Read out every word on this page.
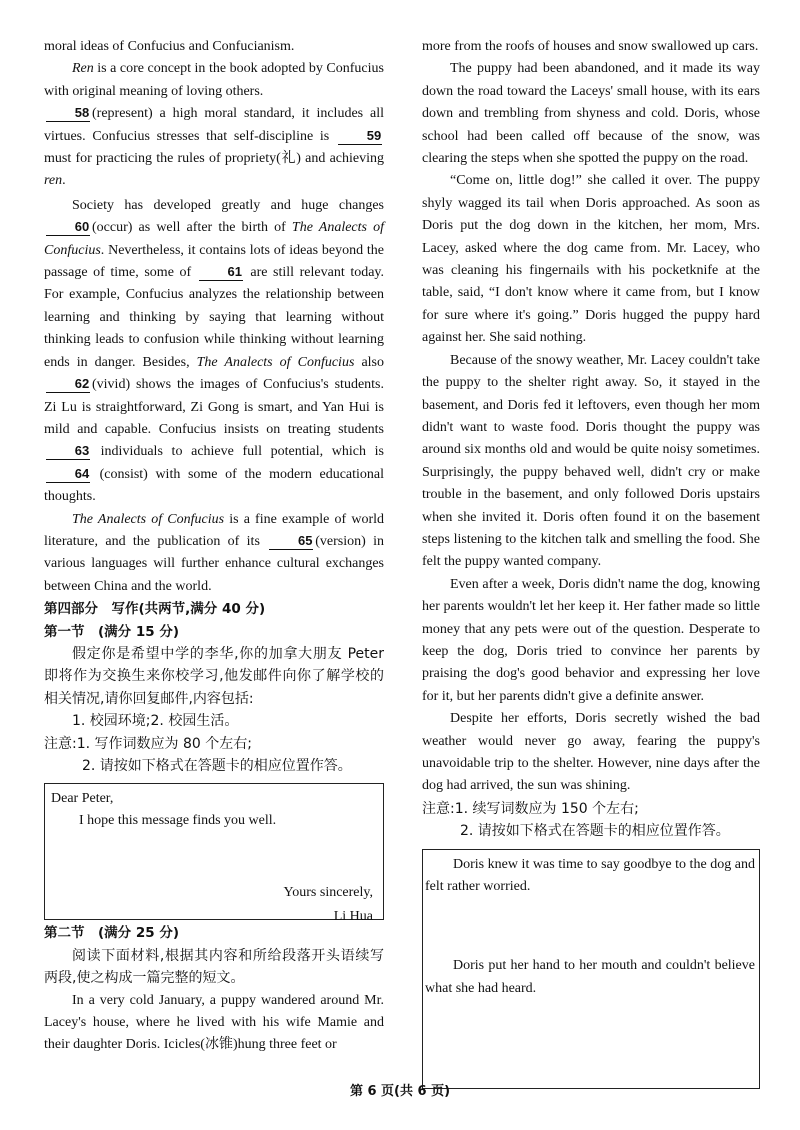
moral ideas of Confucius and Confucianism.

Ren is a core concept in the book adopted by Confucius with original meaning of loving others.
58 (represent) a high moral standard, it includes all virtues. Confucius stresses that self-discipline is	59 must for practicing the rules of propriety(礼) and achieving ren.

Society has developed greatly and huge changes 60 (occur) as well after the birth of The Analects of Confucius. Nevertheless, it contains lots of ideas beyond the passage of time, some of	61 are still relevant today. For example, Confucius analyzes the relationship between learning and thinking by saying that learning without thinking leads to confusion while thinking without learning ends in danger. Besides, The Analects of Confucius also 62 (vivid) shows the images of Confucius's students. Zi Lu is straightforward, Zi Gong is smart, and Yan Hui is mild and capable. Confucius insists on treating students 63 individuals to achieve full potential, which is 64 (consist) with some of the modern educational thoughts.

The Analects of Confucius is a fine example of world literature, and the publication of its	65 (version) in various languages will further enhance cultural exchanges between China and the world.

第四部分　写作(共两节,满分 40 分)
第一节　(满分 15 分)

假定你是希望中学的李华,你的加拿大朋友 Peter 即将作为交换生来你校学习,他发邮件向你了解学校的相关情况,请你回复邮件,内容包括:

1. 校园环境;2. 校园生活。

注意:1. 写作词数应为 80 个左右;

2. 请按如下格式在答题卡的相应位置作答。

Dear Peter,
I hope this message finds you well.
Yours sincerely,
Li Hua
第二节　(满分 25 分)

阅读下面材料,根据其内容和所给段落开头语续写两段,使之构成一篇完整的短文。

In a very cold January, a puppy wandered around Mr. Lacey's house, where he lived with his wife Mamie and their daughter Doris. Icicles(冰锥)hung three feet or

more from the roofs of houses and snow swallowed up cars.

The puppy had been abandoned, and it made its way down the road toward the Laceys' small house, with its ears down and trembling from shyness and cold. Doris, whose school had been called off because of the snow, was clearing the steps when she spotted the puppy on the road.

“Come on, little dog!” she called it over. The puppy shyly wagged its tail when Doris approached. As soon as Doris put the dog down in the kitchen, her mom, Mrs. Lacey, asked where the dog came from. Mr. Lacey, who was cleaning his fingernails with his pocketknife at the table, said, “I don't know where it came from, but I know for sure where it's going.” Doris hugged the puppy hard against her. She said nothing.

Because of the snowy weather, Mr. Lacey couldn't take the puppy to the shelter right away. So, it stayed in the basement, and Doris fed it leftovers, even though her mom didn't want to waste food. Doris thought the puppy was around six months old and would be quite noisy sometimes. Surprisingly, the puppy behaved well, didn't cry or make trouble in the basement, and only followed Doris upstairs when she invited it. Doris often found it on the basement steps listening to the kitchen talk and smelling the food. She felt the puppy wanted company.

Even after a week, Doris didn't name the dog, knowing her parents wouldn't let her keep it. Her father made so little money that any pets were out of the question. Desperate to keep the dog, Doris tried to convince her parents by praising the dog's good behavior and expressing her love for it, but her parents didn't give a definite answer.

Despite her efforts, Doris secretly wished the bad weather would never go away, fearing the puppy's unavoidable trip to the shelter. However, nine days after the dog had arrived, the sun was shining.

注意:1. 续写词数应为 150 个左右;

2. 请按如下格式在答题卡的相应位置作答。

Doris knew it was time to say goodbye to the dog and felt rather worried.

Doris put her hand to her mouth and couldn't believe what she had heard.

第 6 页(共 6 页)
